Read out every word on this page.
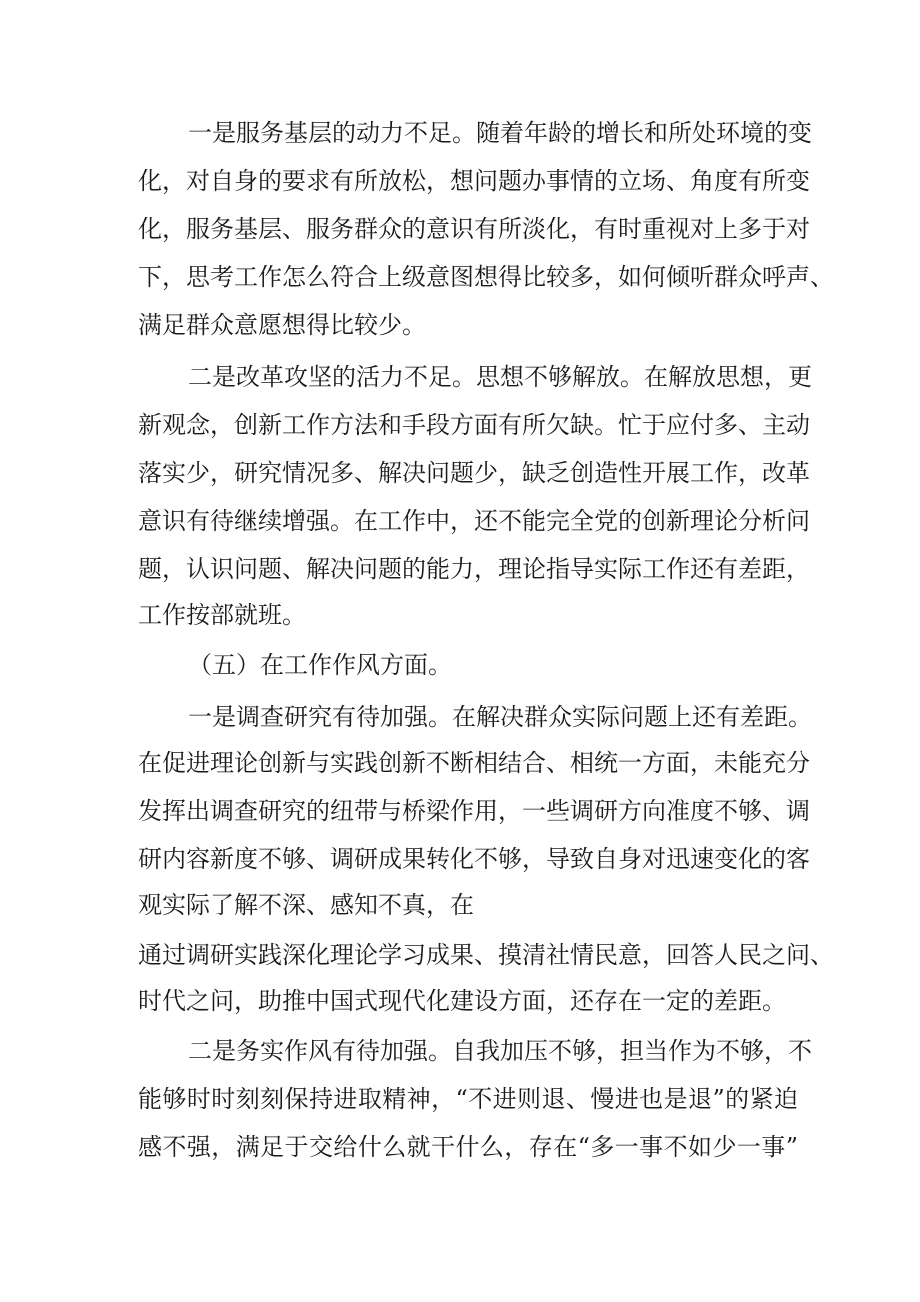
一是服务基层的动力不足。随着年龄的增长和所处环境的变
化，对自身的要求有所放松，想问题办事情的立场、角度有所变
化，服务基层、服务群众的意识有所淡化，有时重视对上多于对
下，思考工作怎么符合上级意图想得比较多，如何倾听群众呼声、
满足群众意愿想得比较少。
二是改革攻坚的活力不足。思想不够解放。在解放思想，更
新观念，创新工作方法和手段方面有所欠缺。忙于应付多、主动
落实少，研究情况多、解决问题少，缺乏创造性开展工作，改革
意识有待继续增强。在工作中，还不能完全党的创新理论分析问
题，认识问题、解决问题的能力，理论指导实际工作还有差距，
工作按部就班。
（五）在工作作风方面。
一是调查研究有待加强。在解决群众实际问题上还有差距。
在促进理论创新与实践创新不断相结合、相统一方面，未能充分
发挥出调查研究的纽带与桥梁作用，一些调研方向准度不够、调
研内容新度不够、调研成果转化不够，导致自身对迅速变化的客
观实际了解不深、感知不真，在
通过调研实践深化理论学习成果、摸清社情民意，回答人民之问、
时代之问，助推中国式现代化建设方面，还存在一定的差距。
二是务实作风有待加强。自我加压不够，担当作为不够，不
能够时时刻刻保持进取精神，“不进则退、慢进也是退”的紧迫
感不强，满足于交给什么就干什么，存在“多一事不如少一事”
